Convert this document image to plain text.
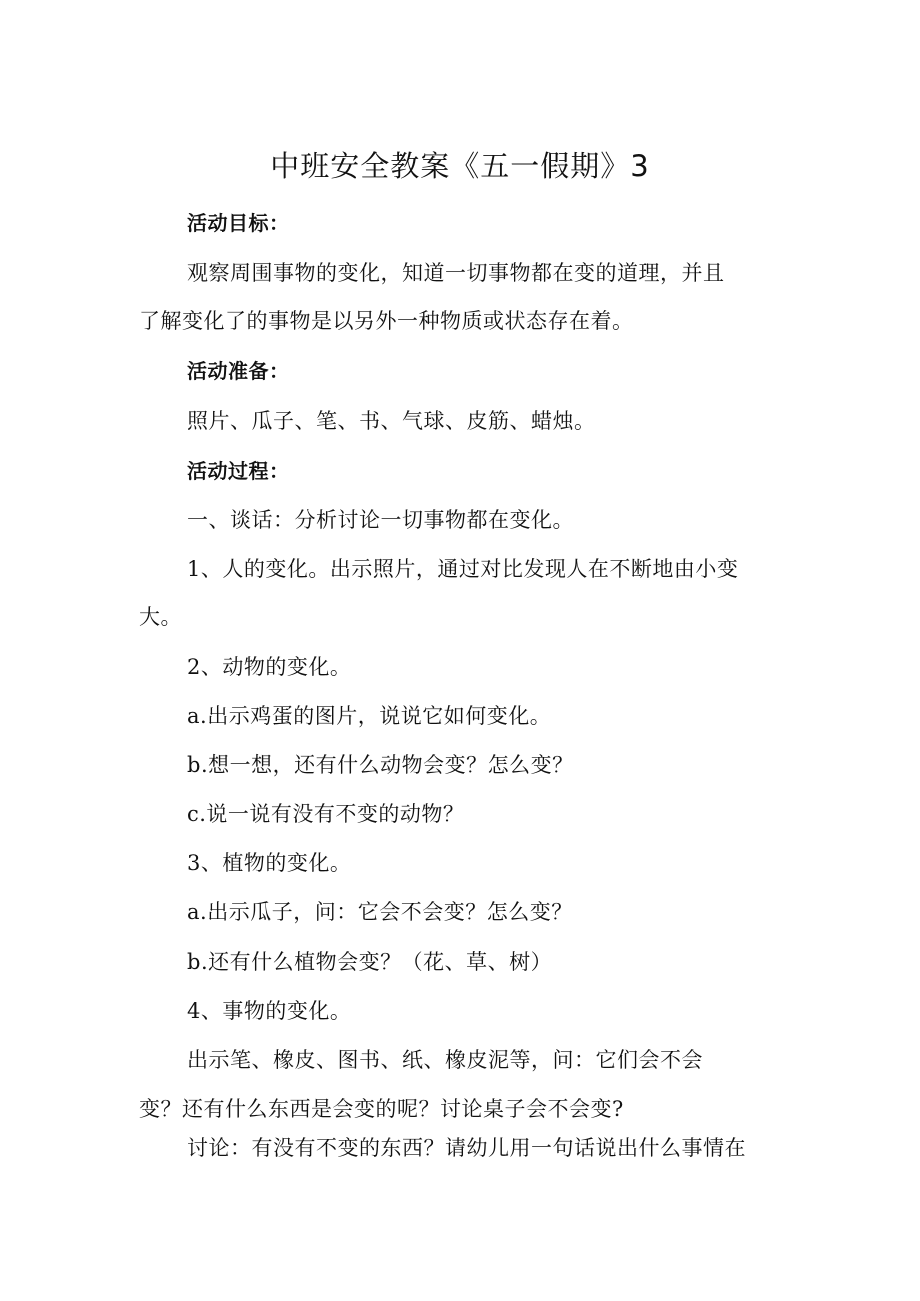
中班安全教案《五一假期》3
活动目标：
观察周围事物的变化，知道一切事物都在变的道理，并且
了解变化了的事物是以另外一种物质或状态存在着。
活动准备：
照片、瓜子、笔、书、气球、皮筋、蜡烛。
活动过程：
一、谈话：分析讨论一切事物都在变化。
1、人的变化。出示照片，通过对比发现人在不断地由小变
大。
2、动物的变化。
a.出示鸡蛋的图片，说说它如何变化。
b.想一想，还有什么动物会变？怎么变？
c.说一说有没有不变的动物？
3、植物的变化。
a.出示瓜子，问：它会不会变？怎么变？
b.还有什么植物会变？（花、草、树）
4、事物的变化。
出示笔、橡皮、图书、纸、橡皮泥等，问：它们会不会
变？还有什么东西是会变的呢？讨论桌子会不会变?
讨论：有没有不变的东西？请幼儿用一句话说出什么事情在
